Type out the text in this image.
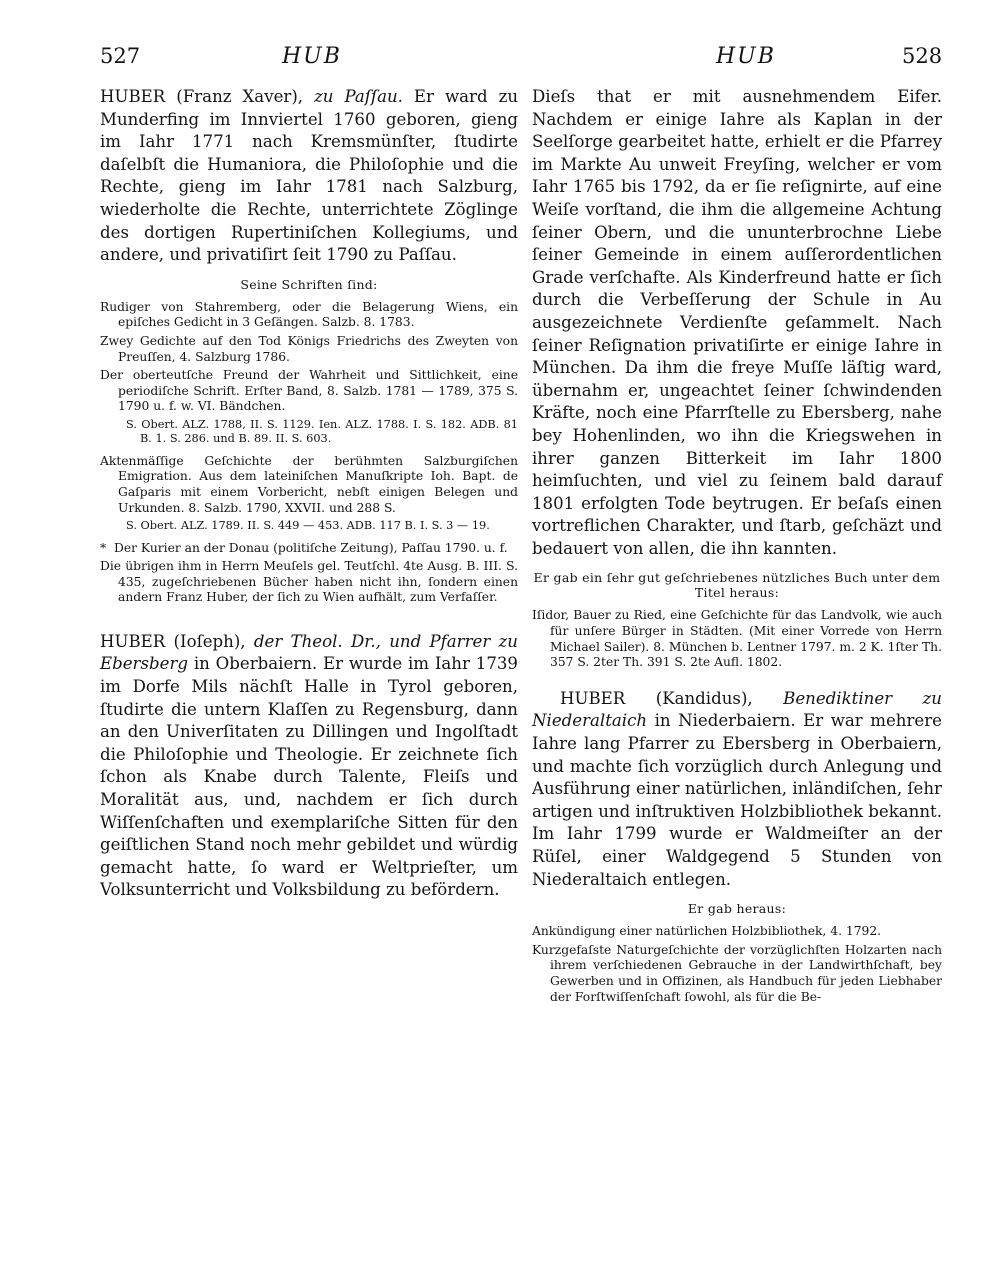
527	HUB	HUB	528

HUBER (Franz Xaver), zu Paſſau. Er ward zu Munderfing im Innviertel 1760 geboren, gieng im Iahr 1771 nach Kremsmünſter, ſtudirte daſelbſt die Humaniora, die Philoſophie und die Rechte, gieng im Iahr 1781 nach Salzburg, wiederholte die Rechte, unterrichtete Zöglinge des dortigen Rupertiniſchen Kollegiums, und andere, und privatiſirt ſeit 1790 zu Paſſau.

Seine Schriften ſind:

Rudiger von Stahremberg, oder die Belagerung Wiens, ein epiſches Gedicht in 3 Geſängen. Salzb. 8. 1783.

Zwey Gedichte auf den Tod Königs Friedrichs des Zweyten von Preuſſen, 4. Salzburg 1786.

Der oberteutſche Freund der Wahrheit und Sittlichkeit, eine periodiſche Schrift. Erſter Band, 8. Salzb. 1781 — 1789, 375 S. 1790 u. f. w. VI. Bändchen.

S. Obert. ALZ. 1788, II. S. 1129. Ien. ALZ. 1788. I. S. 182. ADB. 81 B. 1. S. 286. und B. 89. II. S. 603.

Aktenmäſſige Geſchichte der berühmten Salzburgiſchen Emigration. Aus dem lateiniſchen Manuſkripte Ioh. Bapt. de Gaſparis mit einem Vorbericht, nebſt einigen Belegen und Urkunden. 8. Salzb. 1790, XXVII. und 288 S.

S. Obert. ALZ. 1789. II. S. 449 — 453. ADB. 117 B. I. S. 3 — 19.

* Der Kurier an der Donau (politiſche Zeitung), Paſſau 1790. u. f.

Die übrigen ihm in Herrn Meuſels gel. Teutſchl. 4te Ausg. B. III. S. 435, zugeſchriebenen Bücher haben nicht ihn, ſondern einen andern Franz Huber, der ſich zu Wien aufhält, zum Verfaſſer.

HUBER (Ioſeph), der Theol. Dr., und Pfarrer zu Ebersberg in Oberbaiern. Er wurde im Iahr 1739 im Dorfe Mils nächſt Halle in Tyrol geboren, ſtudirte die untern Klaſſen zu Regensburg, dann an den Univerſitaten zu Dillingen und Ingolſtadt die Philoſophie und Theologie. Er zeichnete ſich ſchon als Knabe durch Talente, Fleiſs und Moralität aus, und, nachdem er ſich durch Wiſſenſchaften und exemplariſche Sitten für den geiſtlichen Stand noch mehr gebildet und würdig gemacht hatte, ſo ward er Weltprieſter, um Volksunterricht und Volksbildung zu befördern.

Dieſs that er mit ausnehmendem Eifer. Nachdem er einige Iahre als Kaplan in der Seelſorge gearbeitet hatte, erhielt er die Pfarrey im Markte Au unweit Freyſing, welcher er vom Iahr 1765 bis 1792, da er ſie reſignirte, auf eine Weiſe vorſtand, die ihm die allgemeine Achtung ſeiner Obern, und die ununterbrochne Liebe ſeiner Gemeinde in einem auſſerordentlichen Grade verſchafte. Als Kinderfreund hatte er ſich durch die Verbeſſerung der Schule in Au ausgezeichnete Verdienſte geſammelt. Nach ſeiner Reſignation privatiſirte er einige Iahre in München. Da ihm die freye Muſſe läſtig ward, übernahm er, ungeachtet ſeiner ſchwindenden Kräfte, noch eine Pfarrſtelle zu Ebersberg, nahe bey Hohenlinden, wo ihn die Kriegswehen in ihrer ganzen Bitterkeit im Iahr 1800 heimſuchten, und viel zu ſeinem bald darauf 1801 erfolgten Tode beytrugen. Er beſaſs einen vortreflichen Charakter, und ſtarb, geſchäzt und bedauert von allen, die ihn kannten.

Er gab ein ſehr gut geſchriebenes nützliches Buch unter dem Titel heraus:

Iſidor, Bauer zu Ried, eine Geſchichte für das Landvolk, wie auch für unſere Bürger in Städten. (Mit einer Vorrede von Herrn Michael Sailer). 8. München b. Lentner 1797. m. 2 K. 1ſter Th. 357 S. 2ter Th. 391 S. 2te Aufl. 1802.

HUBER (Kandidus), Benediktiner zu Niederaltaich in Niederbaiern. Er war mehrere Iahre lang Pfarrer zu Ebersberg in Oberbaiern, und machte ſich vorzüglich durch Anlegung und Ausführung einer natürlichen, inländiſchen, ſehr artigen und inſtruktiven Holzbibliothek bekannt. Im Iahr 1799 wurde er Waldmeiſter an der Rüſel, einer Waldgegend 5 Stunden von Niederaltaich entlegen.

Er gab heraus:

Ankündigung einer natürlichen Holzbibliothek, 4. 1792.

Kurzgefaſste Naturgeſchichte der vorzüglichſten Holzarten nach ihrem verſchiedenen Gebrauche in der Landwirthſchaft, bey Gewerben und in Offizinen, als Handbuch für jeden Liebhaber der Forſtwiſſenſchaft ſowohl, als für die Be-
